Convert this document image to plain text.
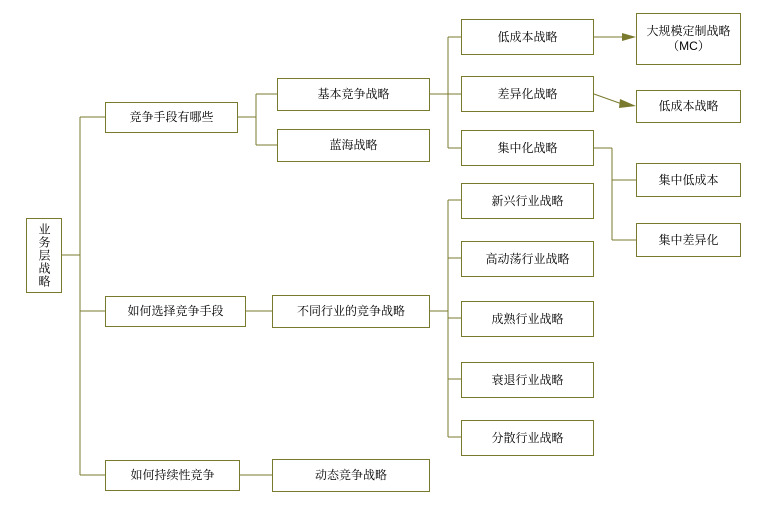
业务层战略
竞争手段有哪些
如何选择竞争手段
如何持续性竞争
基本竞争战略
蓝海战略
不同行业的竞争战略
动态竞争战略
低成本战略
差异化战略
集中化战略
新兴行业战略
高动荡行业战略
成熟行业战略
衰退行业战略
分散行业战略
大规模定制战略（MC）
低成本战略
集中低成本
集中差异化
